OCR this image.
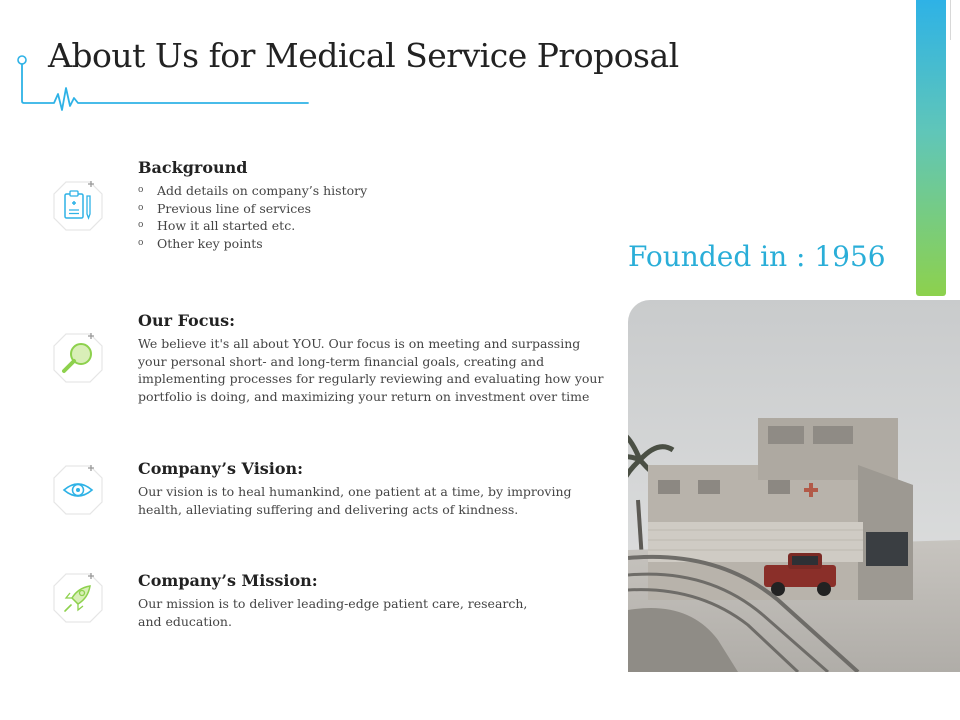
About Us for Medical Service Proposal

Background

o Add details on company’s history
o Previous line of services
o How it all started etc.
o Other key points

Our Focus:

We believe it's all about YOU. Our focus is on meeting and surpassing your personal short- and long-term financial goals, creating and implementing processes for regularly reviewing and evaluating how your portfolio is doing, and maximizing your return on investment over time

Company’s Vision:

Our vision is to heal humankind, one patient at a time, by improving health, alleviating suffering and delivering acts of kindness.

Company’s Mission:

Our mission is to deliver leading-edge patient care, research, and education.

Founded in : 1956
